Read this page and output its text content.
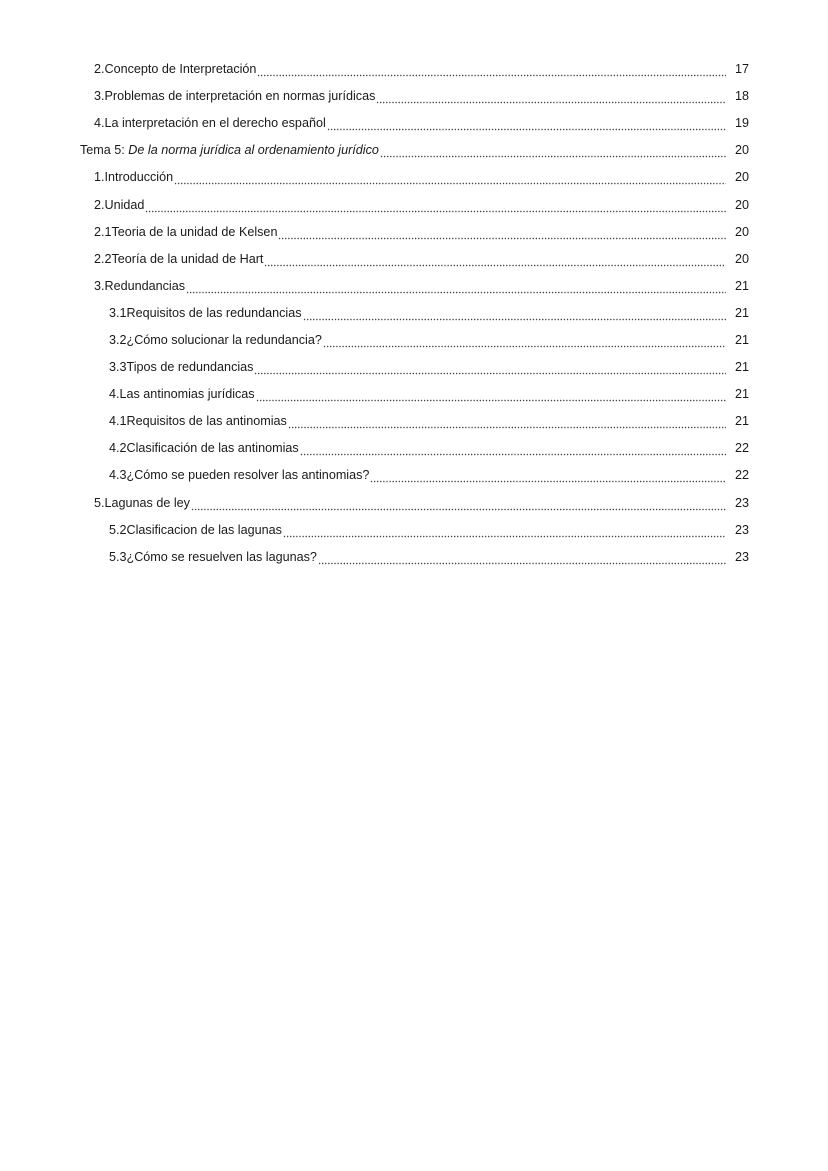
2.Concepto de Interpretación	17
3.Problemas de interpretación en normas jurídicas	18
4.La interpretación en el derecho español	19
Tema 5: De la norma jurídica al ordenamiento jurídico	20
1.Introducción	20
2.Unidad	20
2.1Teoria de la unidad de Kelsen	20
2.2Teoría de la unidad de Hart	20
3.Redundancias	21
3.1Requisitos de las redundancias	21
3.2¿Cómo solucionar la redundancia?	21
3.3Tipos de redundancias	21
4.Las antinomias jurídicas	21
4.1Requisitos de las antinomias	21
4.2Clasificación de las antinomias	22
4.3¿Cómo se pueden resolver las antinomias?	22
5.Lagunas de ley	23
5.2Clasificacion de las lagunas	23
5.3¿Cómo se resuelven las lagunas?	23
